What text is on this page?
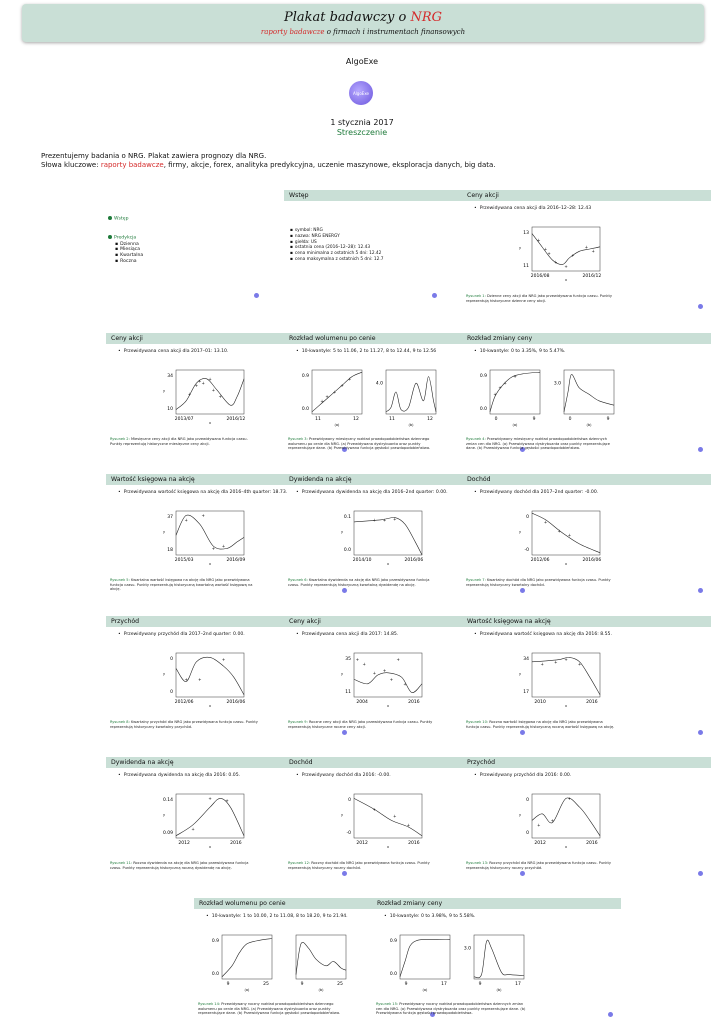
Plakat badawczy o NRG
raporty badawcze o firmach i instrumentach finansowych
AlgoExe
AlgoExe
1 stycznia 2017
Streszczenie
Prezentujemy badania o NRG. Plakat zawiera prognozy dla NRG.
Słowa kluczowe: raporty badawcze, firmy, akcje, forex, analityka predykcyjna, uczenie maszynowe, eksploracja danych, big data.
Wstęp
Predykcja
▪ Dzienna
▪ Miesiąca
▪ Kwartalna
▪ Roczna
Wstęp
▪ symbol: NRG
▪ nazwa: NRG ENERGY
▪ giełda: US
▪ ostatnia cena (2016–12–28): 12.43
▪ cena minimalna z ostatnich 5 dni: 12.42
▪ cena maksymalna z ostatnich 5 dni: 12.7
Ceny akcji
• Przewidywana cena akcji dla 2016–12–28: 12.43
13
11
2016/08	2016/12
y
x
+
+
+
+
+
+
+
+
Rysunek 1: Dzienne ceny akcji dla NRG jako przewidywana funkcja czasu. Punkty reprezentują historyczne dzienne ceny akcji.
Ceny akcji
• Przewidywana cena akcji dla 2017–01: 13.10.
34
10
2013/07	2016/12
y
x
+
+
+ +
+
+
+
Rysunek 2: Miesięczne ceny akcji dla NRG jako przewidywana funkcja czasu. Punkty reprezentują historyczne miesięczne ceny akcji.
Rozkład wolumenu po cenie
• 10-kwantyle: 5 to 11.06, 2 to 11.27, 8 to 12.44, 9 to 12.56
0.9
0.0
11	12
(a)
+
+
+
+
+
4.0
11	12
(b)
Rysunek 3: Przewidywany miesięczny rozkład prawdopodobieństwa dziennego wolumenu po cenie dla NRG. (a) Przewidywana dystrybuanta oraz punkty reprezentujące dane. (b) Przewidywana funkcja gęstości prawdopodobieństwa.
Rozkład zmiany ceny
• 10-kwantyle: 0 to 3.35%, 9 to 5.47%.
0.9
0.0
0	9
(a)
+
+
+
+
3.0
0	9
(b)
Rysunek 4: Przewidywany miesięczny rozkład prawdopodobieństwa dziennych zmian cen dla NRG. (a) Przewidywana dystrybuanta oraz punkty reprezentujące dane. (b) Przewidywana funkcja gęstości prawdopodobieństwa.
Wartość księgowa na akcję
• Przewidywana wartość księgowa na akcję dla 2016–4th quarter: 18.73.
37
18
2015/03	2016/09
y
x
+
+
+ +
Rysunek 5: Kwartalna wartość księgowa na akcję dla NRG jako przewidywana funkcja czasu. Punkty reprezentują historyczną kwartalną wartość księgową na akcję.
Dywidenda na akcję
• Przewidywana dywidenda na akcję dla 2016–2nd quarter: 0.00.
0.1
0.0
2014/10	2016/06
y
x
+ + +
Rysunek 6: Kwartalna dywidenda na akcję dla NRG jako przewidywana funkcja czasu. Punkty reprezentują historyczną kwartalną dywidendę na akcję.
Dochód
• Przewidywany dochód dla 2017–2nd quarter: -0.00.
0
-0
2012/06	2016/06
y
x
+
+
+
Rysunek 7: Kwartalny dochód dla NRG jako przewidywana funkcja czasu. Punkty reprezentują historyczny kwartalny dochód.
Przychód
• Przewidywany przychód dla 2017–2nd quarter: 0.00.
0
0
2012/06	2016/06
y
x
+	+
+
Rysunek 8: Kwartalny przychód dla NRG jako przewidywana funkcja czasu. Punkty reprezentują historyczny kwartalny przychód.
Ceny akcji
• Przewidywana cena akcji dla 2017: 14.85.
35
11
2004	2016
y
x
+
+
+ +
+
+
+
Rysunek 9: Roczne ceny akcji dla NRG jako przewidywana funkcja czasu. Punkty reprezentują historyczne roczne ceny akcji.
Wartość księgowa na akcję
• Przewidywana wartość księgowa na akcję dla 2016: 8.55.
34
17
2010	2016
y
x
+	+ +
+
Rysunek 10: Roczna wartość księgowa na akcję dla NRG jako przewidywana funkcja czasu. Punkty reprezentują historyczną roczną wartość księgową na akcję.
Dywidenda na akcję
• Przewidywana dywidenda na akcję dla 2016: 0.05.
0.14
0.09
2012	2016
y
x
+
+	+
Rysunek 11: Roczna dywidenda na akcję dla NRG jako przewidywana funkcja czasu. Punkty reprezentują historyczną roczną dywidendę na akcję.
Dochód
• Przewidywany dochód dla 2016: -0.00.
0
-0
2012	2016
y
x
+
+
+
Rysunek 12: Roczny dochód dla NRG jako przewidywana funkcja czasu. Punkty reprezentują historyczny roczny dochód.
Przychód
• Przewidywany przychód dla 2016: 0.00.
0
0
2012	2016
y
x
+
+
+
Rysunek 13: Roczny przychód dla NRG jako przewidywana funkcja czasu. Punkty reprezentują historyczny roczny przychód.
Rozkład wolumenu po cenie
• 10-kwantyle: 1 to 10.00, 2 to 11.08, 8 to 18.20, 9 to 21.94.
0.9
0.0
9	25
(a)
9	25
(b)
Rysunek 14: Przewidywany roczny rozkład prawdopodobieństwa dziennego wolumenu po cenie dla NRG. (a) Przewidywana dystrybuanta oraz punkty reprezentujące dane. (b) Przewidywana funkcja gęstości prawdopodobieństwa.
Rozkład zmiany ceny
• 10-kwantyle: 0 to 3.98%, 9 to 5.58%.
0.9
0.0
9	17
(a)
3.0
9	17
(b)
Rysunek 15: Przewidywany roczny rozkład prawdopodobieństwa dziennych zmian cen dla NRG. (a) Przewidywana dystrybuanta oraz punkty reprezentujące dane. (b) Przewidywana funkcja gęstości prawdopodobieństwa.
